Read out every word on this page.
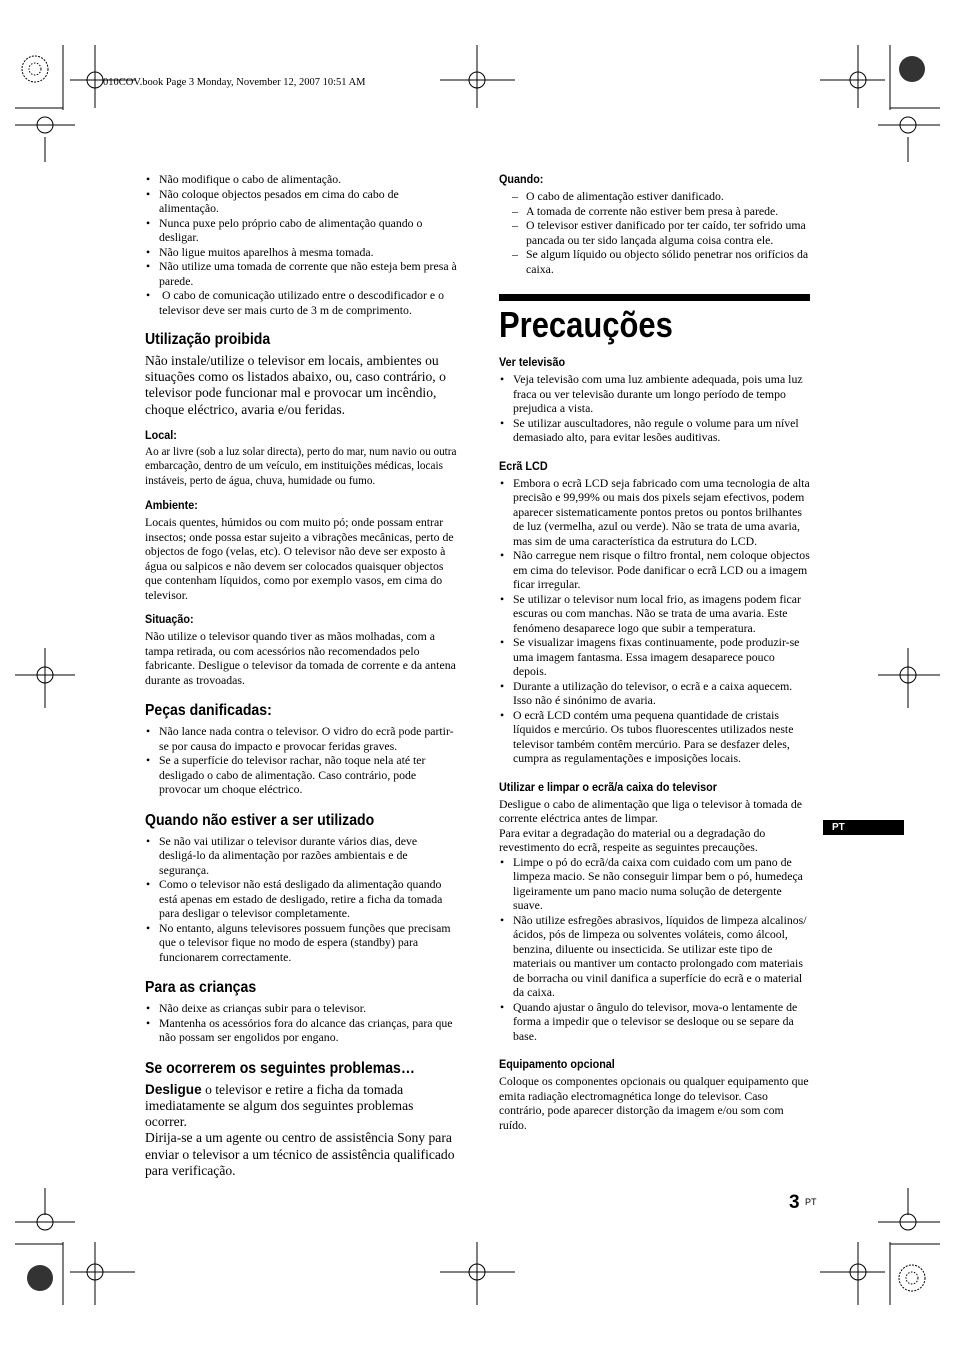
010COV.book Page 3 Monday, November 12, 2007 10:51 AM
• Não modifique o cabo de alimentação.
• Não coloque objectos pesados em cima do cabo de alimentação.
• Nunca puxe pelo próprio cabo de alimentação quando o desligar.
• Não ligue muitos aparelhos à mesma tomada.
• Não utilize uma tomada de corrente que não esteja bem presa à parede.
•  O cabo de comunicação utilizado entre o descodificador e o televisor deve ser mais curto de 3 m de comprimento.
Utilização proibida

Não instale/utilize o televisor em locais, ambientes ou situações como os listados abaixo, ou, caso contrário, o televisor pode funcionar mal e provocar um incêndio, choque eléctrico, avaria e/ou feridas.

Local:

Ao ar livre (sob a luz solar directa), perto do mar, num navio ou outra embarcação, dentro de um veículo, em instituições médicas, locais instáveis, perto de água, chuva, humidade ou fumo.

Ambiente:

Locais quentes, húmidos ou com muito pó; onde possam entrar insectos; onde possa estar sujeito a vibrações mecânicas, perto de objectos de fogo (velas, etc). O televisor não deve ser exposto à água ou salpicos e não devem ser colocados quaisquer objectos que contenham líquidos, como por exemplo vasos, em cima do televisor.

Situação:

Não utilize o televisor quando tiver as mãos molhadas, com a tampa retirada, ou com acessórios não recomendados pelo fabricante. Desligue o televisor da tomada de corrente e da antena durante as trovoadas.

Peças danificadas:
• Não lance nada contra o televisor. O vidro do ecrã pode partir-se por causa do impacto e provocar feridas graves.
• Se a superfície do televisor rachar, não toque nela até ter desligado o cabo de alimentação. Caso contrário, pode provocar um choque eléctrico.
Quando não estiver a ser utilizado
• Se não vai utilizar o televisor durante vários dias, deve desligá-lo da alimentação por razões ambientais e de segurança.
• Como o televisor não está desligado da alimentação quando está apenas em estado de desligado, retire a ficha da tomada para desligar o televisor completamente.
• No entanto, alguns televisores possuem funções que precisam que o televisor fique no modo de espera (standby) para funcionarem correctamente.
Para as crianças
• Não deixe as crianças subir para o televisor.
• Mantenha os acessórios fora do alcance das crianças, para que não possam ser engolidos por engano.
Se ocorrerem os seguintes problemas…

Desligue o televisor e retire a ficha da tomada imediatamente se algum dos seguintes problemas ocorrer.

Dirija-se a um agente ou centro de assistência Sony para enviar o televisor a um técnico de assistência qualificado para verificação.

Quando:
– O cabo de alimentação estiver danificado.
– A tomada de corrente não estiver bem presa à parede.
– O televisor estiver danificado por ter caído, ter sofrido uma pancada ou ter sido lançada alguma coisa contra ele.
– Se algum líquido ou objecto sólido penetrar nos orifícios da caixa.
Precauções
Ver televisão
• Veja televisão com uma luz ambiente adequada, pois uma luz fraca ou ver televisão durante um longo período de tempo prejudica a vista.
• Se utilizar auscultadores, não regule o volume para um nível demasiado alto, para evitar lesões auditivas.
Ecrã LCD
• Embora o ecrã LCD seja fabricado com uma tecnologia de alta precisão e 99,99% ou mais dos pixels sejam efectivos, podem aparecer sistematicamente pontos pretos ou pontos brilhantes de luz (vermelha, azul ou verde). Não se trata de uma avaria, mas sim de uma característica da estrutura do LCD.
• Não carregue nem risque o filtro frontal, nem coloque objectos em cima do televisor. Pode danificar o ecrã LCD ou a imagem ficar irregular.
• Se utilizar o televisor num local frio, as imagens podem ficar escuras ou com manchas. Não se trata de uma avaria. Este fenómeno desaparece logo que subir a temperatura.
• Se visualizar imagens fixas continuamente, pode produzir-se uma imagem fantasma. Essa imagem desaparece pouco depois.
• Durante a utilização do televisor, o ecrã e a caixa aquecem. Isso não é sinónimo de avaria.
• O ecrã LCD contém uma pequena quantidade de cristais líquidos e mercúrio. Os tubos fluorescentes utilizados neste televisor também contêm mercúrio. Para se desfazer deles, cumpra as regulamentações e imposições locais.
Utilizar e limpar o ecrã/a caixa do televisor

Desligue o cabo de alimentação que liga o televisor à tomada de corrente eléctrica antes de limpar.

Para evitar a degradação do material ou a degradação do revestimento do ecrã, respeite as seguintes precauções.

• Limpe o pó do ecrã/da caixa com cuidado com um pano de limpeza macio. Se não conseguir limpar bem o pó, humedeça ligeiramente um pano macio numa solução de detergente suave.
• Não utilize esfregões abrasivos, líquidos de limpeza alcalinos/ácidos, pós de limpeza ou solventes voláteis, como álcool, benzina, diluente ou insecticida. Se utilizar este tipo de materiais ou mantiver um contacto prolongado com materiais de borracha ou vinil danifica a superfície do ecrã e o material da caixa.
• Quando ajustar o ângulo do televisor, mova-o lentamente de forma a impedir que o televisor se desloque ou se separe da base.
Equipamento opcional

Coloque os componentes opcionais ou qualquer equipamento que emita radiação electromagnética longe do televisor. Caso contrário, pode aparecer distorção da imagem e/ou som com ruído.

PT
3 PT
